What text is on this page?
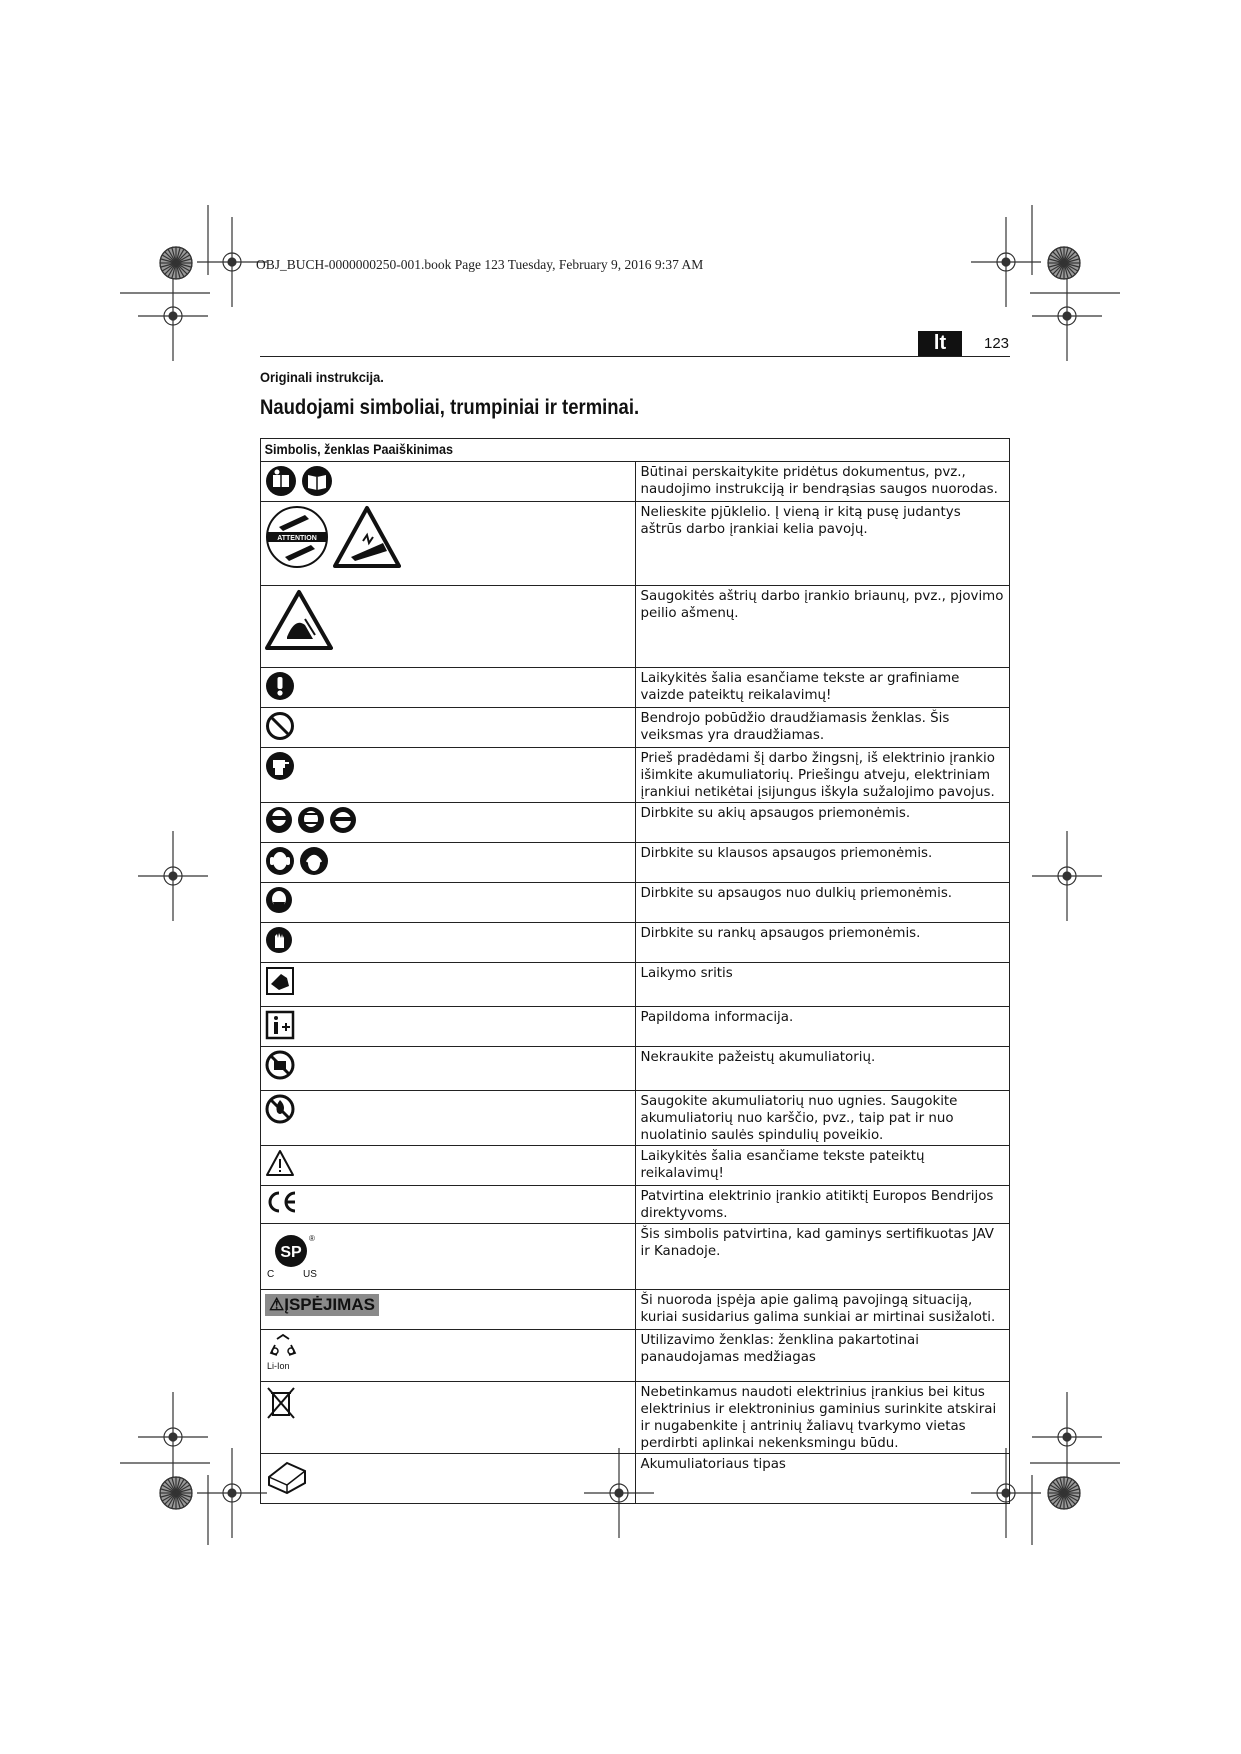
OBJ_BUCH-0000000250-001.book Page 123 Tuesday, February 9, 2016 9:37 AM
lt	123
Originali instrukcija.
Naudojami simboliai, trumpiniai ir terminai.
Simbolis, ženklas Paaiškinimas	

	Būtinai perskaitykite pridėtus dokumentus, pvz., naudojimo instrukciją ir bendrąsias saugos nuorodas.

ATTENTION	Nelieskite pjūklelio. Į vieną ir kitą pusę judantys aštrūs darbo įrankiai kelia pavojų.

	Saugokitės aštrių darbo įrankio briaunų, pvz., pjovimo peilio ašmenų.

	Laikykitės šalia esančiame tekste ar grafiniame vaizde pateiktų reikalavimų!

	Bendrojo pobūdžio draudžiamasis ženklas. Šis veiksmas yra draudžiamas.

	Prieš pradėdami šį darbo žingsnį, iš elektrinio įrankio išimkite akumuliatorių. Priešingu atveju, elektriniam įrankiui netikėtai įsijungus iškyla sužalojimo pavojus.

	Dirbkite su akių apsaugos priemonėmis.

	Dirbkite su klausos apsaugos priemonėmis.

	Dirbkite su apsaugos nuo dulkių priemonėmis.

	Dirbkite su rankų apsaugos priemonėmis.

	Laikymo sritis

	Papildoma informacija.

	Nekraukite pažeistų akumuliatorių.

	Saugokite akumuliatorių nuo ugnies. Saugokite akumuliatorių nuo karščio, pvz., taip pat ir nuo nuolatinio saulės spindulių poveikio.

	Laikykitės šalia esančiame tekste pateiktų reikalavimų!

	Patvirtina elektrinio įrankio atitiktį Europos Bendrijos direktyvoms.

SP
®
C US	Šis simbolis patvirtina, kad gaminys sertifikuotas JAV ir Kanadoje.

⚠ĮSPĖJIMAS	Ši nuoroda įspėja apie galimą pavojingą situaciją, kuriai susidarius galima sunkiai ar mirtinai susižaloti.

Li-Ion	Utilizavimo ženklas: ženklina pakartotinai panaudojamas medžiagas

	Nebetinkamus naudoti elektrinius įrankius bei kitus elektrinius ir elektroninius gaminius surinkite atskirai ir nugabenkite į antrinių žaliavų tvarkymo vietas perdirbti aplinkai nekenksmingu būdu.

	Akumuliatoriaus tipas
